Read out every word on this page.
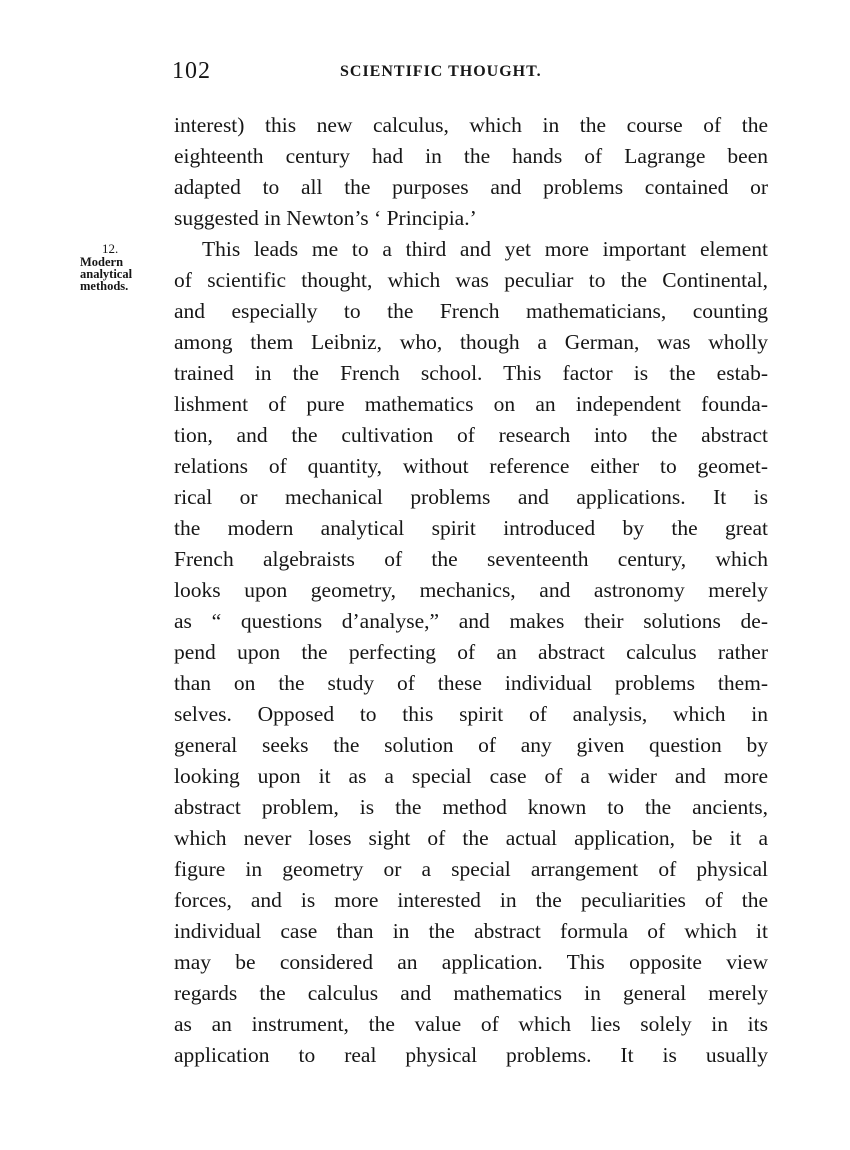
102	SCIENTIFIC THOUGHT.
12.
Modern
analytical
methods.
interest) this new calculus, which in the course of the
eighteenth century had in the hands of Lagrange been
adapted to all the purposes and problems contained or
suggested in Newton’s ‘ Principia.’
This leads me to a third and yet more important element
of scientific thought, which was peculiar to the Continental,
and especially to the French mathematicians, counting
among them Leibniz, who, though a German, was wholly
trained in the French school. This factor is the estab-
lishment of pure mathematics on an independent founda-
tion, and the cultivation of research into the abstract
relations of quantity, without reference either to geomet-
rical or mechanical problems and applications. It is
the modern analytical spirit introduced by the great
French algebraists of the seventeenth century, which
looks upon geometry, mechanics, and astronomy merely
as “ questions d’analyse,” and makes their solutions de-
pend upon the perfecting of an abstract calculus rather
than on the study of these individual problems them-
selves. Opposed to this spirit of analysis, which in
general seeks the solution of any given question by
looking upon it as a special case of a wider and more
abstract problem, is the method known to the ancients,
which never loses sight of the actual application, be it a
figure in geometry or a special arrangement of physical
forces, and is more interested in the peculiarities of the
individual case than in the abstract formula of which it
may be considered an application. This opposite view
regards the calculus and mathematics in general merely
as an instrument, the value of which lies solely in its
application to real physical problems. It is usually
